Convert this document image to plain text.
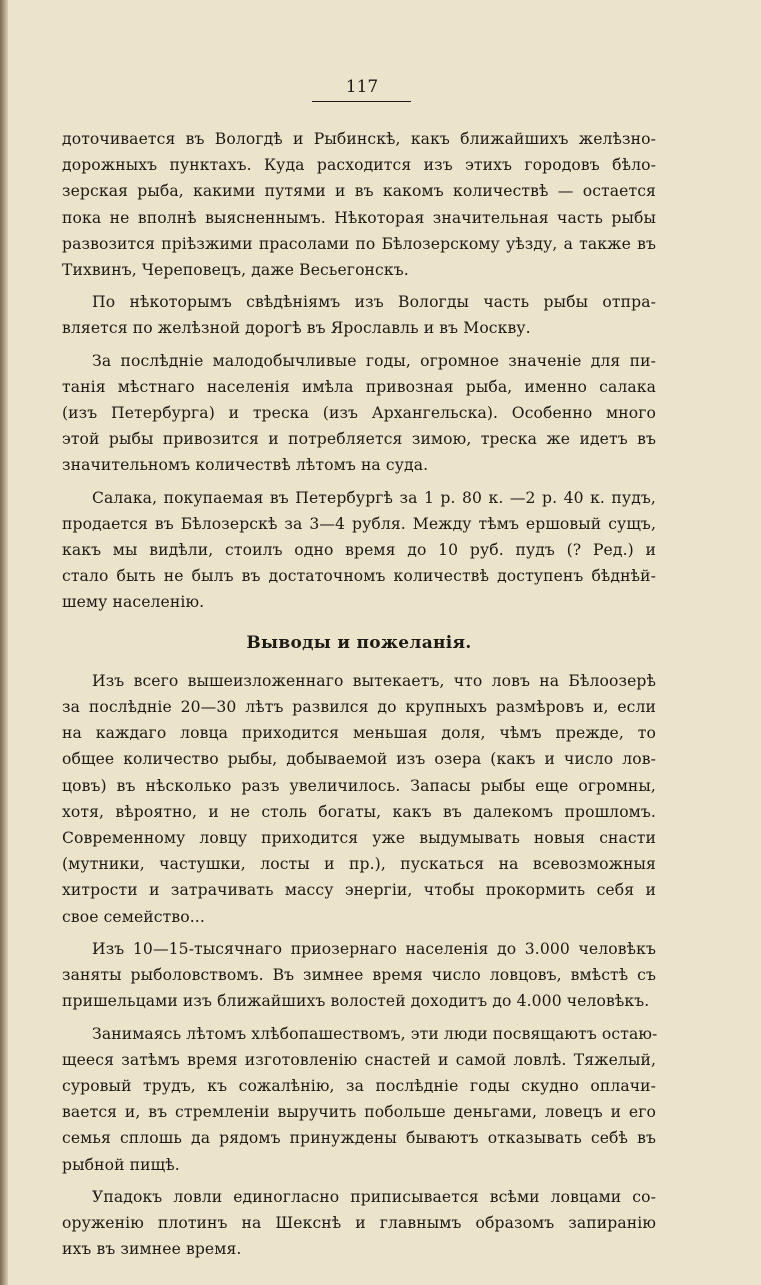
117
доточивается въ Вологдѣ и Рыбинскѣ, какъ ближайшихъ желѣзно-
дорожныхъ пунктахъ. Куда расходится изъ этихъ городовъ бѣло-
зерская рыба, какими путями и въ какомъ количествѣ — остается
пока не вполнѣ выясненнымъ. Нѣкоторая значительная часть рыбы
развозится прiѣзжими прасолами по Бѣлозерскому уѣзду, а также въ
Тихвинъ, Череповецъ, даже Весьегонскъ.
По нѣкоторымъ свѣдѣнiямъ изъ Вологды часть рыбы отпра-
вляется по желѣзной дорогѣ въ Ярославль и въ Москву.
За послѣднiе малодобычливые годы, огромное значенiе для пи-
танiя мѣстнаго населенiя имѣла привозная рыба, именно салака
(изъ Петербурга) и треска (изъ Архангельска). Особенно много
этой рыбы привозится и потребляется зимою, треска же идетъ въ
значительномъ количествѣ лѣтомъ на суда.
Салака, покупаемая въ Петербургѣ за 1 р. 80 к. —2 р. 40 к. пудъ,
продается въ Бѣлозерскѣ за 3—4 рубля. Между тѣмъ ершовый сущъ,
какъ мы видѣли, стоилъ одно время до 10 руб. пудъ (? Ред.) и
стало быть не былъ въ достаточномъ количествѣ доступенъ бѣднѣй-
шему населенiю.
Выводы и пожеланiя.
Изъ всего вышеизложеннаго вытекаетъ, что ловъ на Бѣлоозерѣ
за послѣднiе 20—30 лѣтъ развился до крупныхъ размѣровъ и, если
на каждаго ловца приходится меньшая доля, чѣмъ прежде, то
общее количество рыбы, добываемой изъ озера (какъ и число лов-
цовъ) въ нѣсколько разъ увеличилось. Запасы рыбы еще огромны,
хотя, вѣроятно, и не столь богаты, какъ въ далекомъ прошломъ.
Современному ловцу приходится уже выдумывать новыя снасти
(мутники, частушки, лосты и пр.), пускаться на всевозможныя
хитрости и затрачивать массу энергiи, чтобы прокормить себя и
свое семейство...
Изъ 10—15-тысячнаго приозернаго населенiя до 3.000 человѣкъ
заняты рыболовствомъ. Въ зимнее время число ловцовъ, вмѣстѣ съ
пришельцами изъ ближайшихъ волостей доходитъ до 4.000 человѣкъ.
Занимаясь лѣтомъ хлѣбопашествомъ, эти люди посвящаютъ остаю-
щееся затѣмъ время изготовленiю снастей и самой ловлѣ. Тяжелый,
суровый трудъ, къ сожалѣнiю, за послѣднiе годы скудно оплачи-
вается и, въ стремленiи выручить побольше деньгами, ловецъ и его
семья сплошь да рядомъ принуждены бываютъ отказывать себѣ въ
рыбной пищѣ.
Упадокъ ловли единогласно приписывается всѣми ловцами со-
оруженiю плотинъ на Шекснѣ и главнымъ образомъ запиранiю
ихъ въ зимнее время.
